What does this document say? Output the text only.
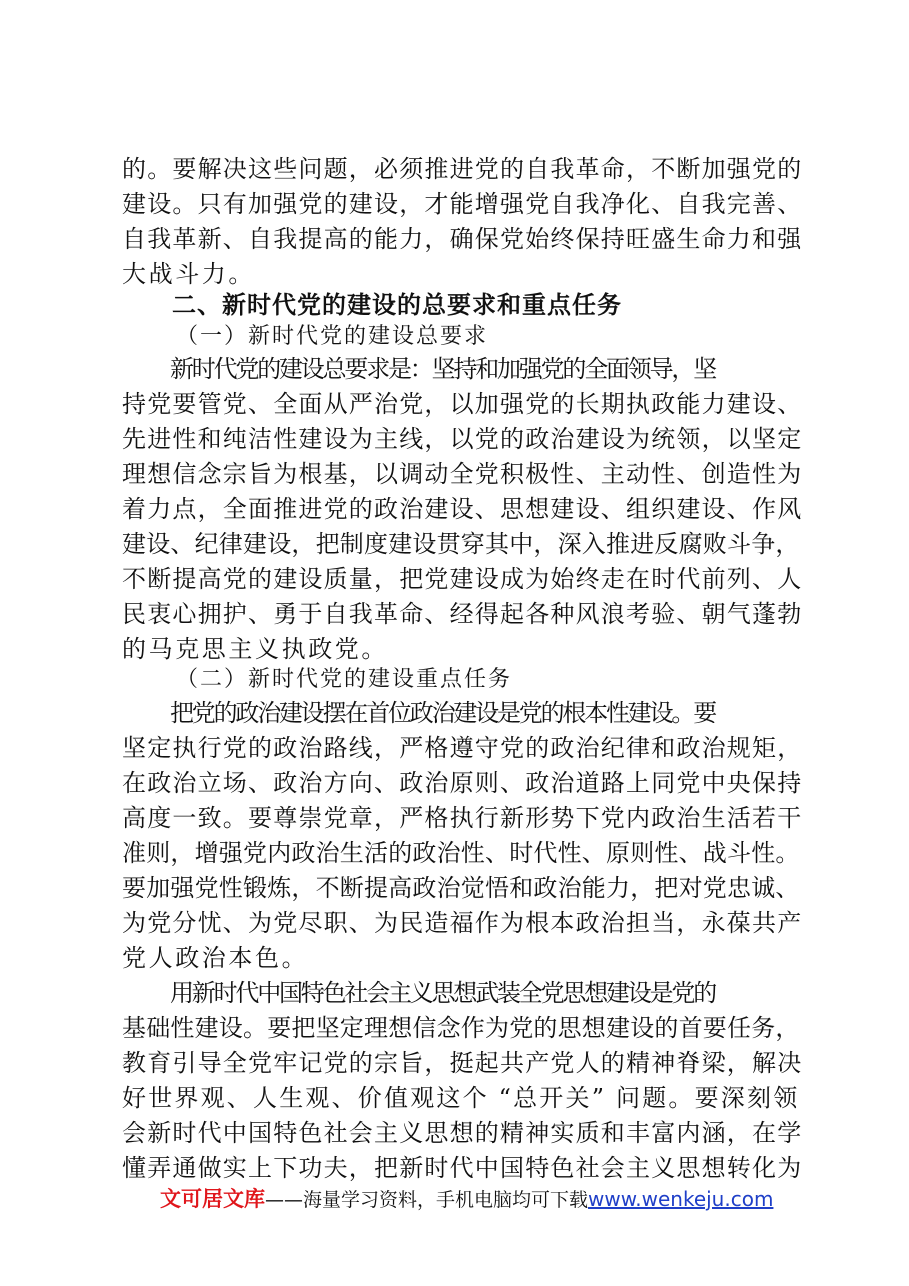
的。要解决这些问题，必须推进党的自我革命，不断加强党的
建设。只有加强党的建设，才能增强党自我净化、自我完善、
自我革新、自我提高的能力，确保党始终保持旺盛生命力和强
大战斗力。
二、新时代党的建设的总要求和重点任务
（一）新时代党的建设总要求
新时代党的建设总要求是：坚持和加强党的全面领导，坚
持党要管党、全面从严治党，以加强党的长期执政能力建设、
先进性和纯洁性建设为主线，以党的政治建设为统领，以坚定
理想信念宗旨为根基，以调动全党积极性、主动性、创造性为
着力点，全面推进党的政治建设、思想建设、组织建设、作风
建设、纪律建设，把制度建设贯穿其中，深入推进反腐败斗争，
不断提高党的建设质量，把党建设成为始终走在时代前列、人
民衷心拥护、勇于自我革命、经得起各种风浪考验、朝气蓬勃
的马克思主义执政党。
（二）新时代党的建设重点任务
把党的政治建设摆在首位政治建设是党的根本性建设。要
坚定执行党的政治路线，严格遵守党的政治纪律和政治规矩，
在政治立场、政治方向、政治原则、政治道路上同党中央保持
高度一致。要尊崇党章，严格执行新形势下党内政治生活若干
准则，增强党内政治生活的政治性、时代性、原则性、战斗性。
要加强党性锻炼，不断提高政治觉悟和政治能力，把对党忠诚、
为党分忧、为党尽职、为民造福作为根本政治担当，永葆共产
党人政治本色。
用新时代中国特色社会主义思想武装全党思想建设是党的
基础性建设。要把坚定理想信念作为党的思想建设的首要任务，
教育引导全党牢记党的宗旨，挺起共产党人的精神脊梁，解决
好世界观、人生观、价值观这个 “总开关” 问题。要深刻领
会新时代中国特色社会主义思想的精神实质和丰富内涵，在学
懂弄通做实上下功夫，把新时代中国特色社会主义思想转化为
文可居文库——海量学习资料，手机电脑均可下载www.wenkeju.com
